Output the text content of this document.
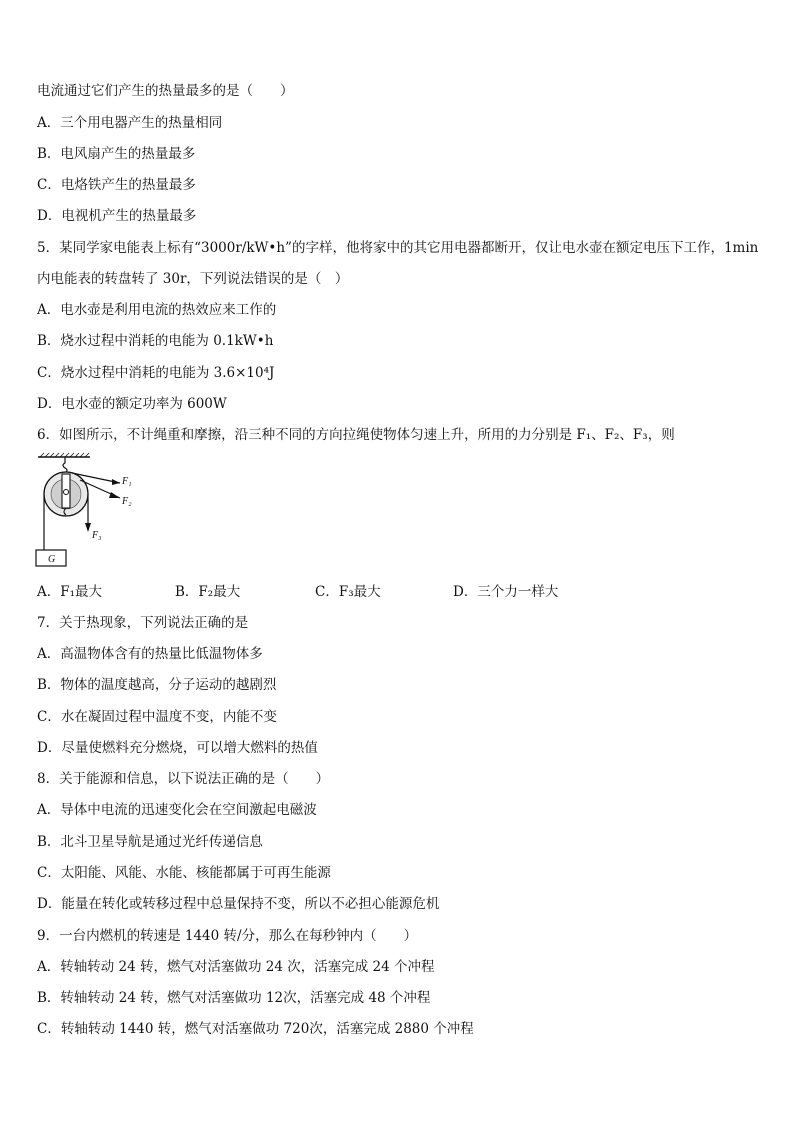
电流通过它们产生的热量最多的是（　　）
A．三个用电器产生的热量相同
B．电风扇产生的热量最多
C．电烙铁产生的热量最多
D．电视机产生的热量最多
5．某同学家电能表上标有“3000r/kW•h”的字样，他将家中的其它用电器都断开，仅让电水壶在额定电压下工作，1min
内电能表的转盘转了 30r，下列说法错误的是（　）
A．电水壶是利用电流的热效应来工作的
B．烧水过程中消耗的电能为 0.1kW•h
C．烧水过程中消耗的电能为 3.6×10⁴J
D．电水壶的额定功率为 600W
6．如图所示，不计绳重和摩擦，沿三种不同的方向拉绳使物体匀速上升，所用的力分别是 F₁、F₂、F₃，则
G
F₁
F₂
F₃
A．F₁最大	B．F₂最大	C．F₃最大	D．三个力一样大
7．关于热现象，下列说法正确的是
A．高温物体含有的热量比低温物体多
B．物体的温度越高，分子运动的越剧烈
C．水在凝固过程中温度不变，内能不变
D．尽量使燃料充分燃烧，可以增大燃料的热值
8．关于能源和信息，以下说法正确的是（　　）
A．导体中电流的迅速变化会在空间激起电磁波
B．北斗卫星导航是通过光纤传递信息
C．太阳能、风能、水能、核能都属于可再生能源
D．能量在转化或转移过程中总量保持不变，所以不必担心能源危机
9．一台内燃机的转速是 1440 转/分，那么在每秒钟内（　　）
A．转轴转动 24 转，燃气对活塞做功 24 次，活塞完成 24 个冲程
B．转轴转动 24 转，燃气对活塞做功 12次，活塞完成 48 个冲程
C．转轴转动 1440 转，燃气对活塞做功 720次，活塞完成 2880 个冲程
